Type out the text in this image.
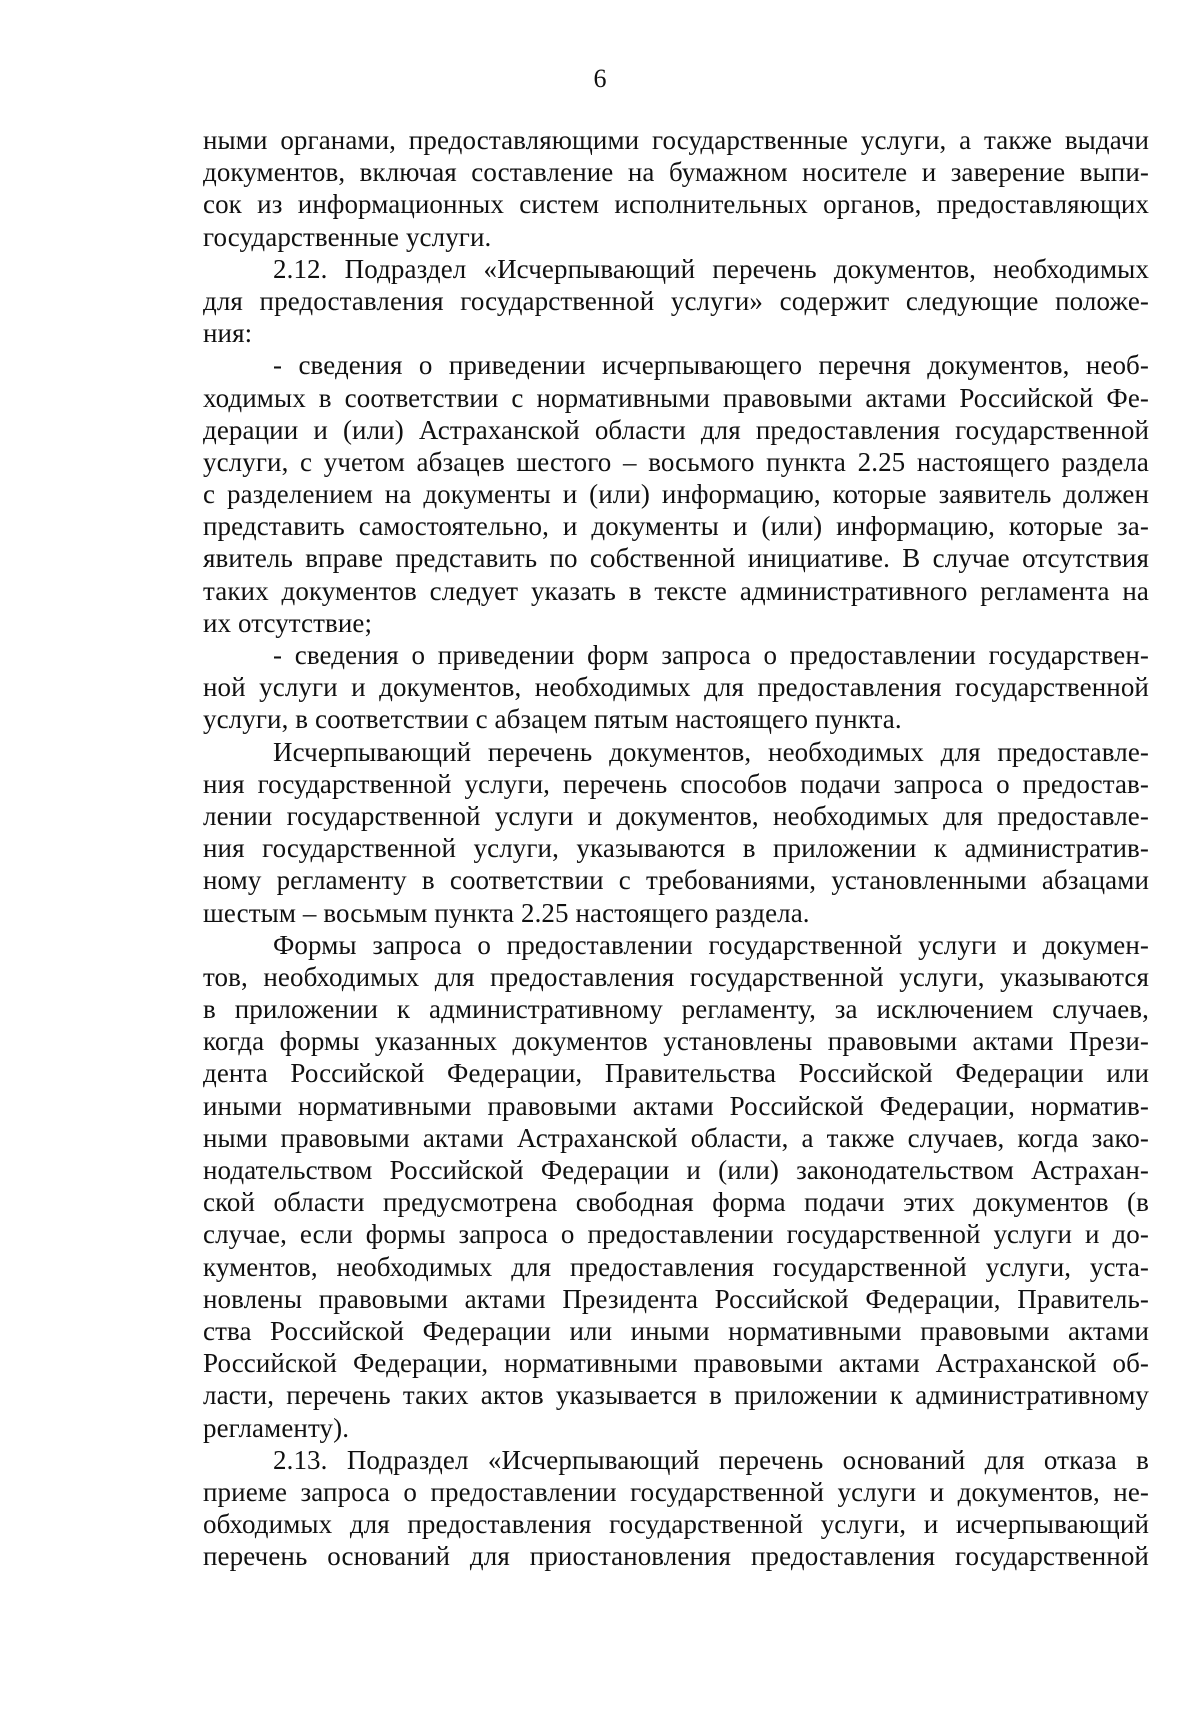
6
ными органами, предоставляющими государственные услуги, а также выдачи
документов, включая составление на бумажном носителе и заверение выпи-
сок из информационных систем исполнительных органов, предоставляющих
государственные услуги.
2.12. Подраздел «Исчерпывающий перечень документов, необходимых
для предоставления государственной услуги» содержит следующие положе-
ния:
- сведения о приведении исчерпывающего перечня документов, необ-
ходимых в соответствии с нормативными правовыми актами Российской Фе-
дерации и (или) Астраханской области для предоставления государственной
услуги, с учетом абзацев шестого – восьмого пункта 2.25 настоящего раздела
с разделением на документы и (или) информацию, которые заявитель должен
представить самостоятельно, и документы и (или) информацию, которые за-
явитель вправе представить по собственной инициативе. В случае отсутствия
таких документов следует указать в тексте административного регламента на
их отсутствие;
- сведения о приведении форм запроса о предоставлении государствен-
ной услуги и документов, необходимых для предоставления государственной
услуги, в соответствии с абзацем пятым настоящего пункта.
Исчерпывающий перечень документов, необходимых для предоставле-
ния государственной услуги, перечень способов подачи запроса о предостав-
лении государственной услуги и документов, необходимых для предоставле-
ния государственной услуги, указываются в приложении к административ-
ному регламенту в соответствии с требованиями, установленными абзацами
шестым – восьмым пункта 2.25 настоящего раздела.
Формы запроса о предоставлении государственной услуги и докумен-
тов, необходимых для предоставления государственной услуги, указываются
в приложении к административному регламенту, за исключением случаев,
когда формы указанных документов установлены правовыми актами Прези-
дента Российской Федерации, Правительства Российской Федерации или
иными нормативными правовыми актами Российской Федерации, норматив-
ными правовыми актами Астраханской области, а также случаев, когда зако-
нодательством Российской Федерации и (или) законодательством Астрахан-
ской области предусмотрена свободная форма подачи этих документов (в
случае, если формы запроса о предоставлении государственной услуги и до-
кументов, необходимых для предоставления государственной услуги, уста-
новлены правовыми актами Президента Российской Федерации, Правитель-
ства Российской Федерации или иными нормативными правовыми актами
Российской Федерации, нормативными правовыми актами Астраханской об-
ласти, перечень таких актов указывается в приложении к административному
регламенту).
2.13. Подраздел «Исчерпывающий перечень оснований для отказа в
приеме запроса о предоставлении государственной услуги и документов, не-
обходимых для предоставления государственной услуги, и исчерпывающий
перечень оснований для приостановления предоставления государственной
